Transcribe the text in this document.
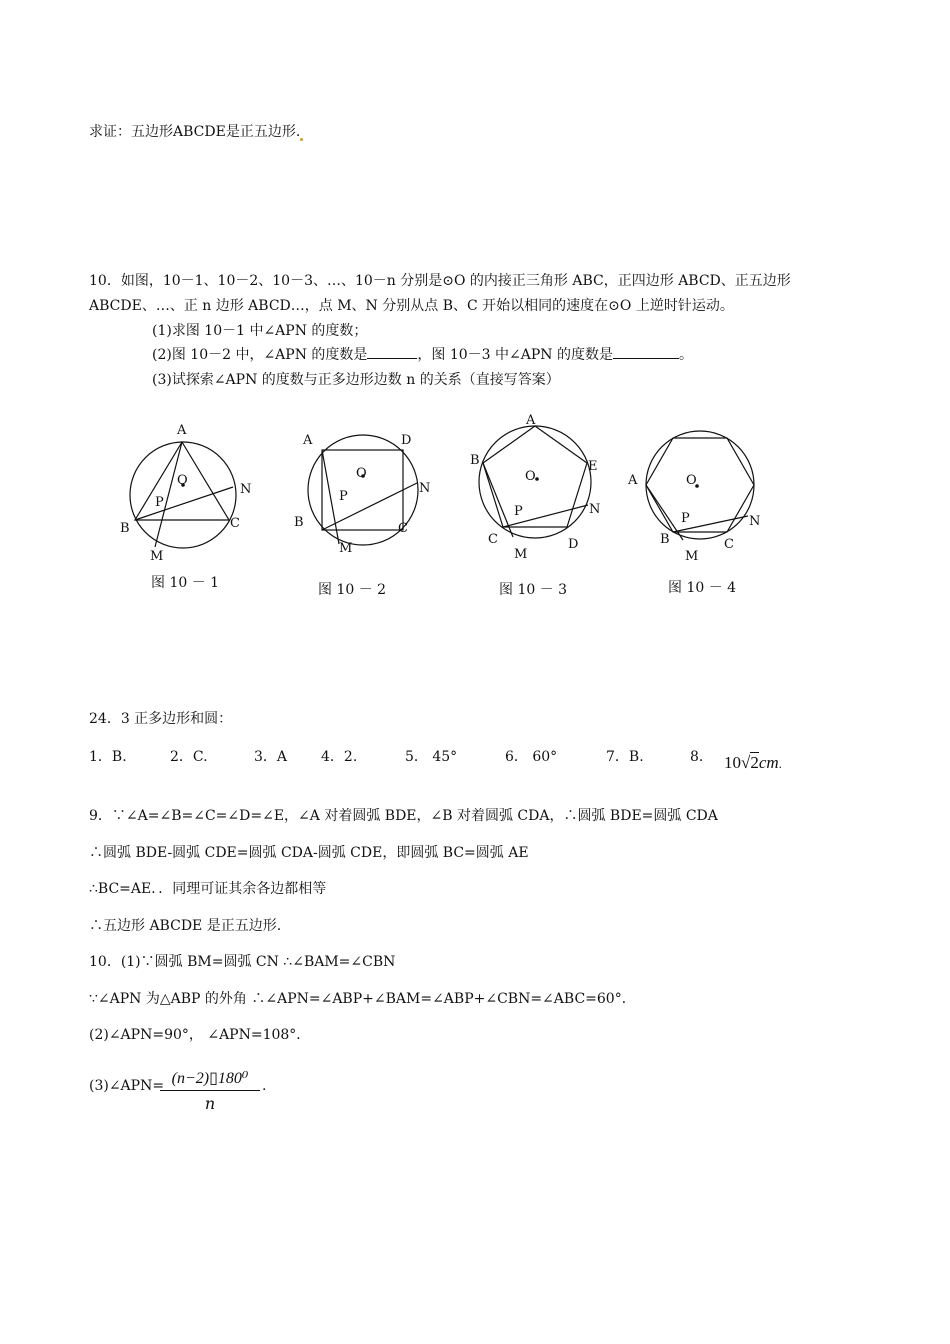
求证：五边形ABCDE是正五边形.
10．如图，10－1、10－2、10－3、…、10－n 分别是⊙O 的内接正三角形 ABC，正四边形 ABCD、正五边形
ABCDE、…、正 n 边形 ABCD…，点 M、N 分别从点 B、C 开始以相同的速度在⊙O 上逆时针运动。
(1)求图 10－1 中∠APN 的度数；
(2)图 10－2 中，∠APN 的度数是	，图 10－3 中∠APN 的度数是	。
(3)试探索∠APN 的度数与正多边形边数 n 的关系（直接写答案）
A
B	C
M
N
O
P
A
B	C
D
M
N
O
P
A
B
C	D
E
M
N
O
P
A
B	C
M
N
O
P
图 10 － 1	图 10 － 2	图 10 － 3	图 10 － 4
24．3 正多边形和圆：
1．B.	2．C.	3．A 4．2.	5． 45°	6． 60°	7．B.	8． 10√2cm.
9．∵∠A=∠B=∠C=∠D=∠E，∠A 对着圆弧 BDE，∠B 对着圆弧 CDA，∴圆弧 BDE=圆弧 CDA
∴圆弧 BDE-圆弧 CDE=圆弧 CDA-圆弧 CDE，即圆弧 BC=圆弧 AE
∴BC=AE．．同理可证其余各边都相等
∴五边形 ABCDE 是正五边形.
10．(1)∵圆弧 BM=圆弧 CN ∴∠BAM=∠CBN
∵∠APN 为△ABP 的外角 ∴∠APN=∠ABP+∠BAM=∠ABP+∠CBN=∠ABC=60°．
(2)∠APN=90°， ∠APN=108°．
(3)∠APN=
$\frac{\text{(n−2)▯180⁰}}{n}$ .
